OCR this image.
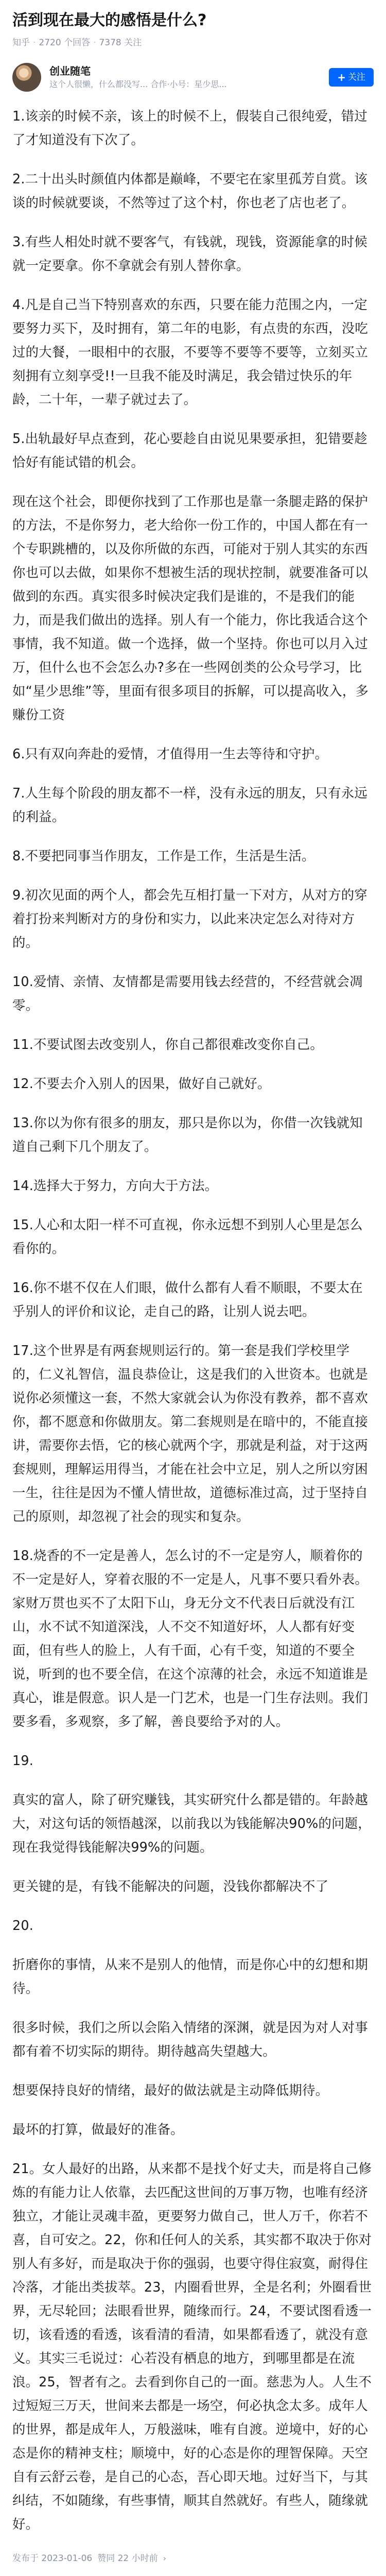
活到现在最大的感悟是什么?
知乎 · 2720 个回答 · 7378 关注
创业随笔
这个人很懒，什么都没写... 合作·小号：星少思...
+ 关注

1.该亲的时候不亲，该上的时候不上，假装自己很纯爱，错过了才知道没有下次了。

2.二十出头时颜值内体都是巅峰，不要宅在家里孤芳自赏。该谈的时候就要谈，不然等过了这个村，你也老了店也老了。

3.有些人相处时就不要客气，有钱就，现钱，资源能拿的时候就一定要拿。你不拿就会有别人替你拿。

4.凡是自己当下特别喜欢的东西，只要在能力范围之内，一定要努力买下，及时拥有，第二年的电影，有点贵的东西，没吃过的大餐，一眼相中的衣服，不要等不要等不要等，立刻买立刻拥有立刻享受!!一旦我不能及时满足，我会错过快乐的年龄，二十年，一辈子就过去了。

5.出轨最好早点查到，花心要趁自由说见果要承担，犯错要趁恰好有能试错的机会。

现在这个社会，即便你找到了工作那也是靠一条腿走路的保护的方法，不是你努力，老大给你一份工作的，中国人都在有一个专职跳槽的，以及你所做的东西，可能对于别人其实的东西你也可以去做，如果你不想被生活的现状控制，就要准备可以做到的东西。真实很多时候决定我们是谁的，不是我们的能力，而是我们做出的选择。别人有一个能力，你比我适合这个事情，我不知道。做一个选择，做一个坚持。你也可以月入过万，但什么也不会怎么办?多在一些网创类的公众号学习，比如“星少思维”等，里面有很多项目的拆解，可以提高收入，多赚份工资

6.只有双向奔赴的爱情，才值得用一生去等待和守护。

7.人生每个阶段的朋友都不一样，没有永远的朋友，只有永远的利益。

8.不要把同事当作朋友，工作是工作，生活是生活。

9.初次见面的两个人，都会先互相打量一下对方，从对方的穿着打扮来判断对方的身份和实力，以此来决定怎么对待对方的。

10.爱情、亲情、友情都是需要用钱去经营的，不经营就会凋零。

11.不要试图去改变别人，你自己都很难改变你自己。

12.不要去介入别人的因果，做好自己就好。

13.你以为你有很多的朋友，那只是你以为，你借一次钱就知道自己剩下几个朋友了。

14.选择大于努力，方向大于方法。

15.人心和太阳一样不可直视，你永远想不到别人心里是怎么看你的。

16.你不堪不仅在人们眼，做什么都有人看不顺眼，不要太在乎别人的评价和议论，走自己的路，让别人说去吧。

17.这个世界是有两套规则运行的。第一套是我们学校里学的，仁义礼智信，温良恭俭让，这是我们的入世资本。也就是说你必须懂这一套，不然大家就会认为你没有教养，都不喜欢你，都不愿意和你做朋友。第二套规则是在暗中的，不能直接讲，需要你去悟，它的核心就两个字，那就是利益，对于这两套规则，理解运用得当，才能在社会中立足，别人之所以穷困一生，往往是因为不懂人情世故，道德标准过高，过于坚持自己的原则，却忽视了社会的现实和复杂。

18.烧香的不一定是善人，怎么讨的不一定是穷人，顺着你的不一定是好人，穿着衣服的不一定是人，凡事不要只看外表。家财万贯也买不了太阳下山，身无分文不代表日后就没有江山，水不试不知道深浅，人不交不知道好坏，人人都有好变面，但有些人的脸上，人有千面，心有千变，知道的不要全说，听到的也不要全信，在这个凉薄的社会，永远不知道谁是真心，谁是假意。识人是一门艺术，也是一门生存法则。我们要多看，多观察，多了解，善良要给予对的人。

19.

真实的富人，除了研究赚钱，其实研究什么都是错的。年龄越大，对这句话的领悟越深，以前我以为钱能解决90%的问题，现在我觉得钱能解决99%的问题。

更关键的是，有钱不能解决的问题，没钱你都解决不了

20.

折磨你的事情，从来不是别人的他情，而是你心中的幻想和期待。

很多时候，我们之所以会陷入情绪的深渊，就是因为对人对事都有着不切实际的期待。期待越高失望越大。

想要保持良好的情绪，最好的做法就是主动降低期待。

最坏的打算，做最好的准备。

21。女人最好的出路，从来都不是找个好丈夫，而是将自己修炼的有能力让人依靠，去匹配这世间的万事万物，也唯有经济独立，才能让灵魂丰盈，更要努力做自己，世人万千，你若不喜，自可安之。22，你和任何人的关系，其实都不取决于你对别人有多好，而是取决于你的强弱，也要守得住寂寞，耐得住冷落，才能出类拔萃。23，内圈看世界，全是名利；外圈看世界，无尽轮回；法眼看世界，随缘而行。24，不要试图看透一切，该看透的看透，该看清的看清，如果都看透了，就没有意义。其实三毛说过：心若没有栖息的地方，到哪里都是在流浪。25，智者有之。去看到你自己的一面。慈悲为人。人生不过短短三万天，世间来去都是一场空，何必执念太多。成年人的世界，都是成年人，万般滋味，唯有自渡。逆境中，好的心态是你的精神支柱；顺境中，好的心态是你的理智保障。天空自有云舒云卷，是自己的心态，吾心即天地。过好当下，与其纠结，不如随缘，有些事情，顺其自然就好。有些人，随缘就好。

发布于 2023-01-06 赞同 22 小时前 ›
